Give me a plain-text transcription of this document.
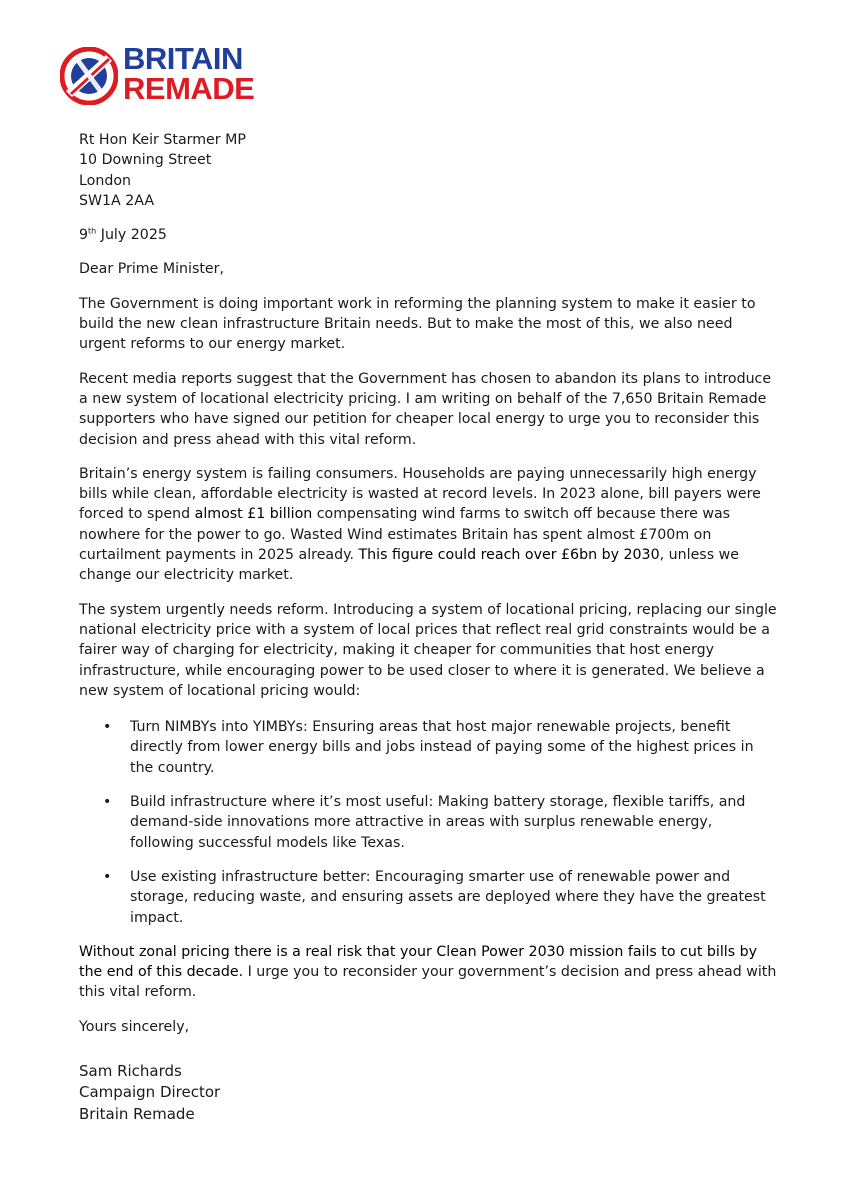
BRITAIN
REMADE
Rt Hon Keir Starmer MP
10 Downing Street
London
SW1A 2AA
9th July 2025
Dear Prime Minister,

The Government is doing important work in reforming the planning system to make it easier to build the new clean infrastructure Britain needs. But to make the most of this, we also need urgent reforms to our energy market.

Recent media reports suggest that the Government has chosen to abandon its plans to introduce a new system of locational electricity pricing. I am writing on behalf of the 7,650 Britain Remade supporters who have signed our petition for cheaper local energy to urge you to reconsider this decision and press ahead with this vital reform.

Britain’s energy system is failing consumers. Households are paying unnecessarily high energy bills while clean, affordable electricity is wasted at record levels. In 2023 alone, bill payers were forced to spend almost £1 billion compensating wind farms to switch off because there was nowhere for the power to go. Wasted Wind estimates Britain has spent almost £700m on curtailment payments in 2025 already. This figure could reach over £6bn by 2030, unless we change our electricity market.

The system urgently needs reform. Introducing a system of locational pricing, replacing our single national electricity price with a system of local prices that reflect real grid constraints would be a fairer way of charging for electricity, making it cheaper for communities that host energy infrastructure, while encouraging power to be used closer to where it is generated. We believe a new system of locational pricing would:

• Turn NIMBYs into YIMBYs: Ensuring areas that host major renewable projects, benefit directly from lower energy bills and jobs instead of paying some of the highest prices in the country.
• Build infrastructure where it’s most useful: Making battery storage, flexible tariffs, and demand-side innovations more attractive in areas with surplus renewable energy, following successful models like Texas.
• Use existing infrastructure better: Encouraging smarter use of renewable power and storage, reducing waste, and ensuring assets are deployed where they have the greatest impact.

Without zonal pricing there is a real risk that your Clean Power 2030 mission fails to cut bills by the end of this decade. I urge you to reconsider your government’s decision and press ahead with this vital reform.

Yours sincerely,
Sam Richards
Campaign Director
Britain Remade
